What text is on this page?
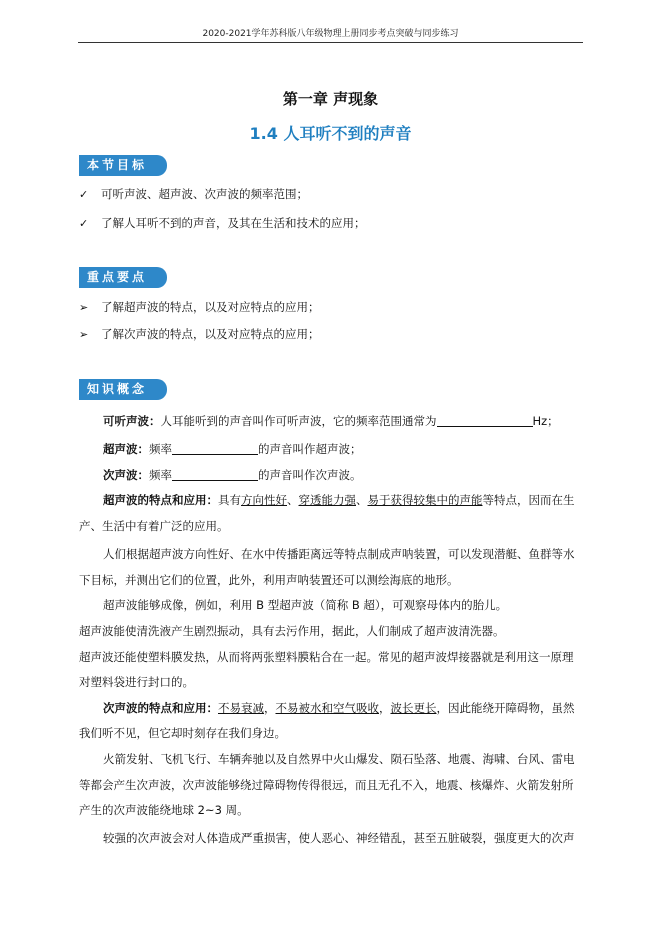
2020-2021学年苏科版八年级物理上册同步考点突破与同步练习
第一章 声现象
1.4 人耳听不到的声音
本节目标
✓ 可听声波、超声波、次声波的频率范围；
✓ 了解人耳听不到的声音，及其在生活和技术的应用；
重点要点
➢ 了解超声波的特点，以及对应特点的应用；
➢ 了解次声波的特点，以及对应特点的应用；
知识概念
可听声波：人耳能听到的声音叫作可听声波，它的频率范围通常为	Hz；
超声波：频率	的声音叫作超声波；
次声波：频率	的声音叫作次声波。
超声波的特点和应用：具有方向性好、穿透能力强、易于获得较集中的声能等特点，因而在生
产、生活中有着广泛的应用。
人们根据超声波方向性好、在水中传播距离远等特点制成声呐装置，可以发现潜艇、鱼群等水
下目标，并测出它们的位置，此外，利用声呐装置还可以测绘海底的地形。
超声波能够成像，例如，利用 B 型超声波（简称 B 超），可观察母体内的胎儿。
超声波能使清洗液产生剧烈振动，具有去污作用，据此，人们制成了超声波清洗器。
超声波还能使塑料膜发热，从而将两张塑料膜粘合在一起。常见的超声波焊接器就是利用这一原理
对塑料袋进行封口的。
次声波的特点和应用：不易衰减，不易被水和空气吸收，波长更长，因此能绕开障碍物，虽然
我们听不见，但它却时刻存在我们身边。
火箭发射、飞机飞行、车辆奔驰以及自然界中火山爆发、陨石坠落、地震、海啸、台风、雷电
等都会产生次声波，次声波能够绕过障碍物传得很远，而且无孔不入，地震、核爆炸、火箭发射所
产生的次声波能绕地球 2~3 周。
较强的次声波会对人体造成严重损害，使人恶心、神经错乱，甚至五脏破裂，强度更大的次声
